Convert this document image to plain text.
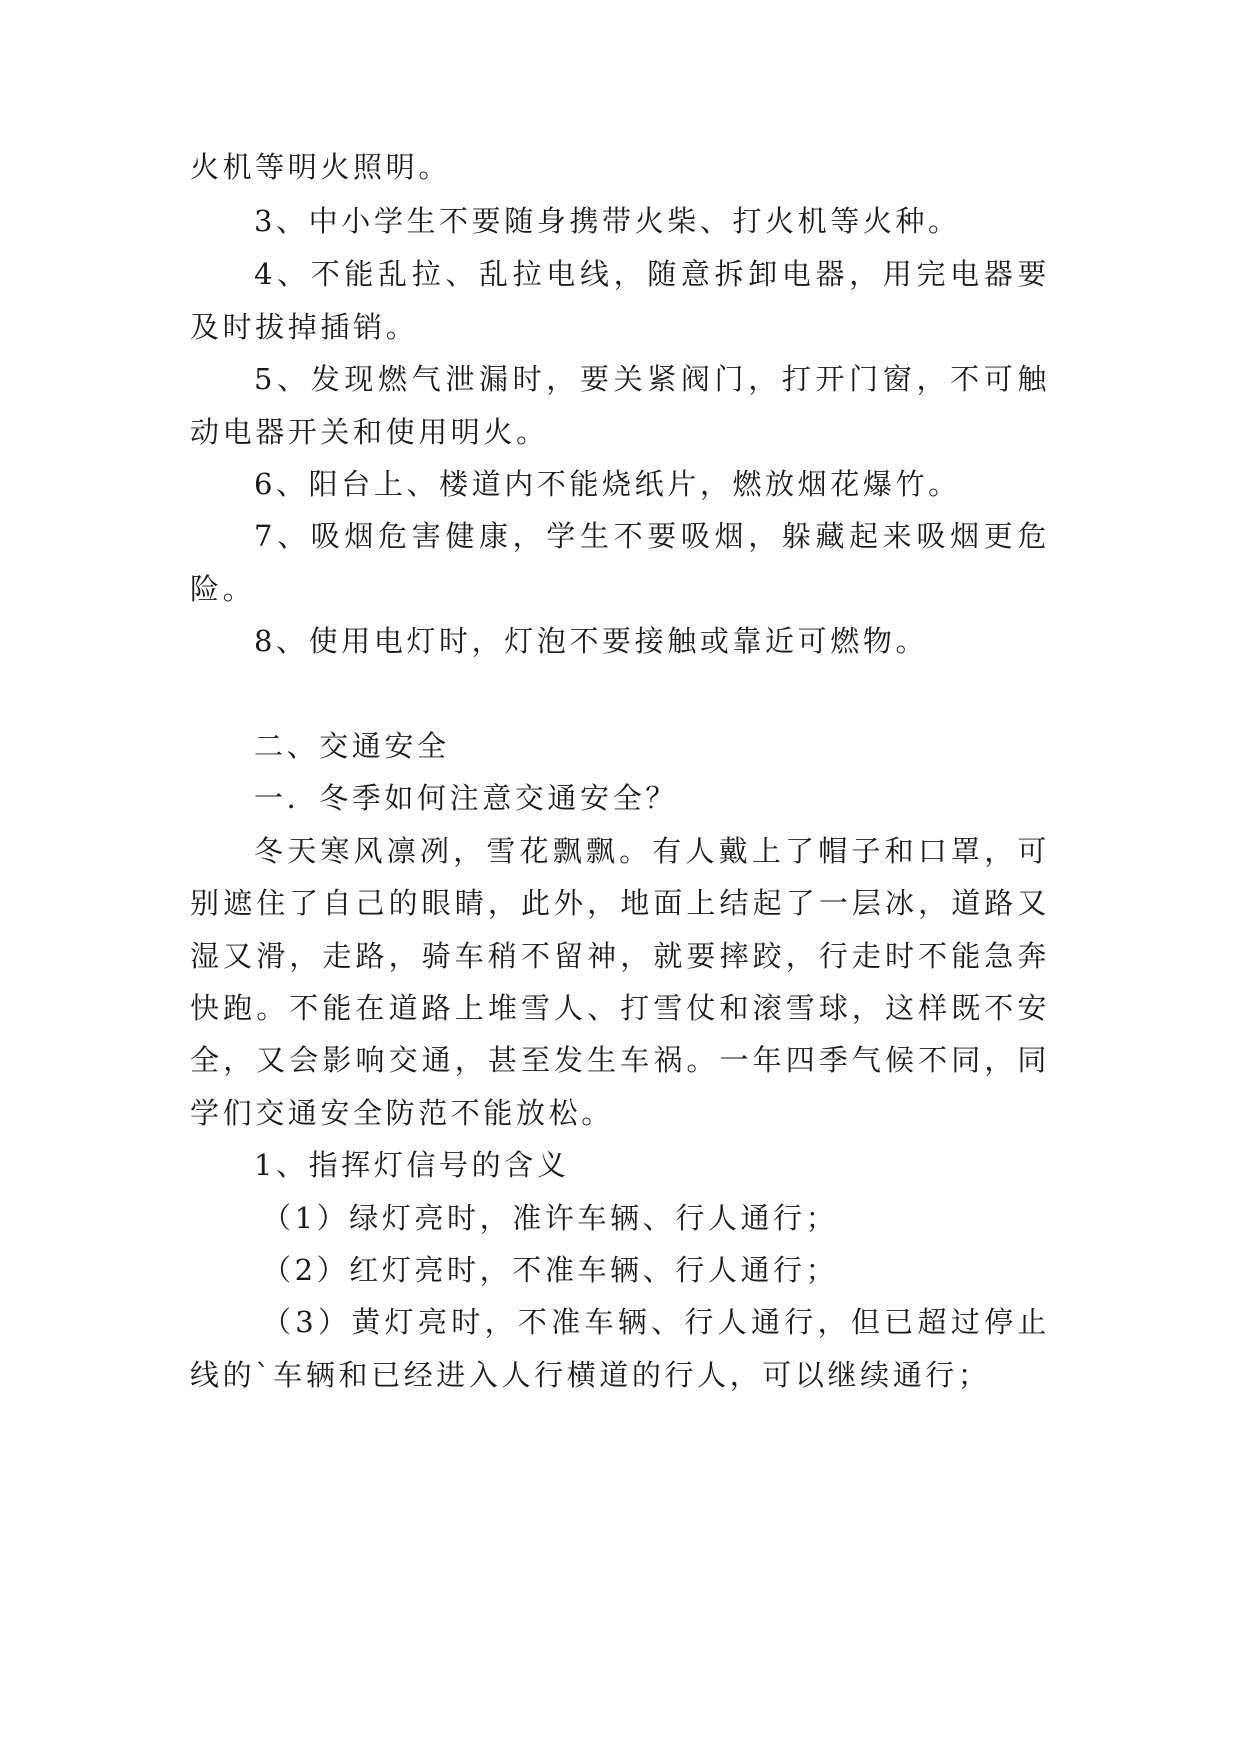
火机等明火照明。
3、中小学生不要随身携带火柴、打火机等火种。
4、不能乱拉、乱拉电线，随意拆卸电器，用完电器要
及时拔掉插销。
5、发现燃气泄漏时，要关紧阀门，打开门窗，不可触
动电器开关和使用明火。
6、阳台上、楼道内不能烧纸片，燃放烟花爆竹。
7、吸烟危害健康，学生不要吸烟，躲藏起来吸烟更危
险。
8、使用电灯时，灯泡不要接触或靠近可燃物。
二、交通安全
一．冬季如何注意交通安全？
冬天寒风凛冽，雪花飘飘。有人戴上了帽子和口罩，可
别遮住了自己的眼睛，此外，地面上结起了一层冰，道路又
湿又滑，走路，骑车稍不留神，就要摔跤，行走时不能急奔
快跑。不能在道路上堆雪人、打雪仗和滚雪球，这样既不安
全，又会影响交通，甚至发生车祸。一年四季气候不同，同
学们交通安全防范不能放松。
1、指挥灯信号的含义
（1）绿灯亮时，准许车辆、行人通行；
（2）红灯亮时，不准车辆、行人通行；
（3）黄灯亮时，不准车辆、行人通行，但已超过停止
线的`车辆和已经进入人行横道的行人，可以继续通行；
